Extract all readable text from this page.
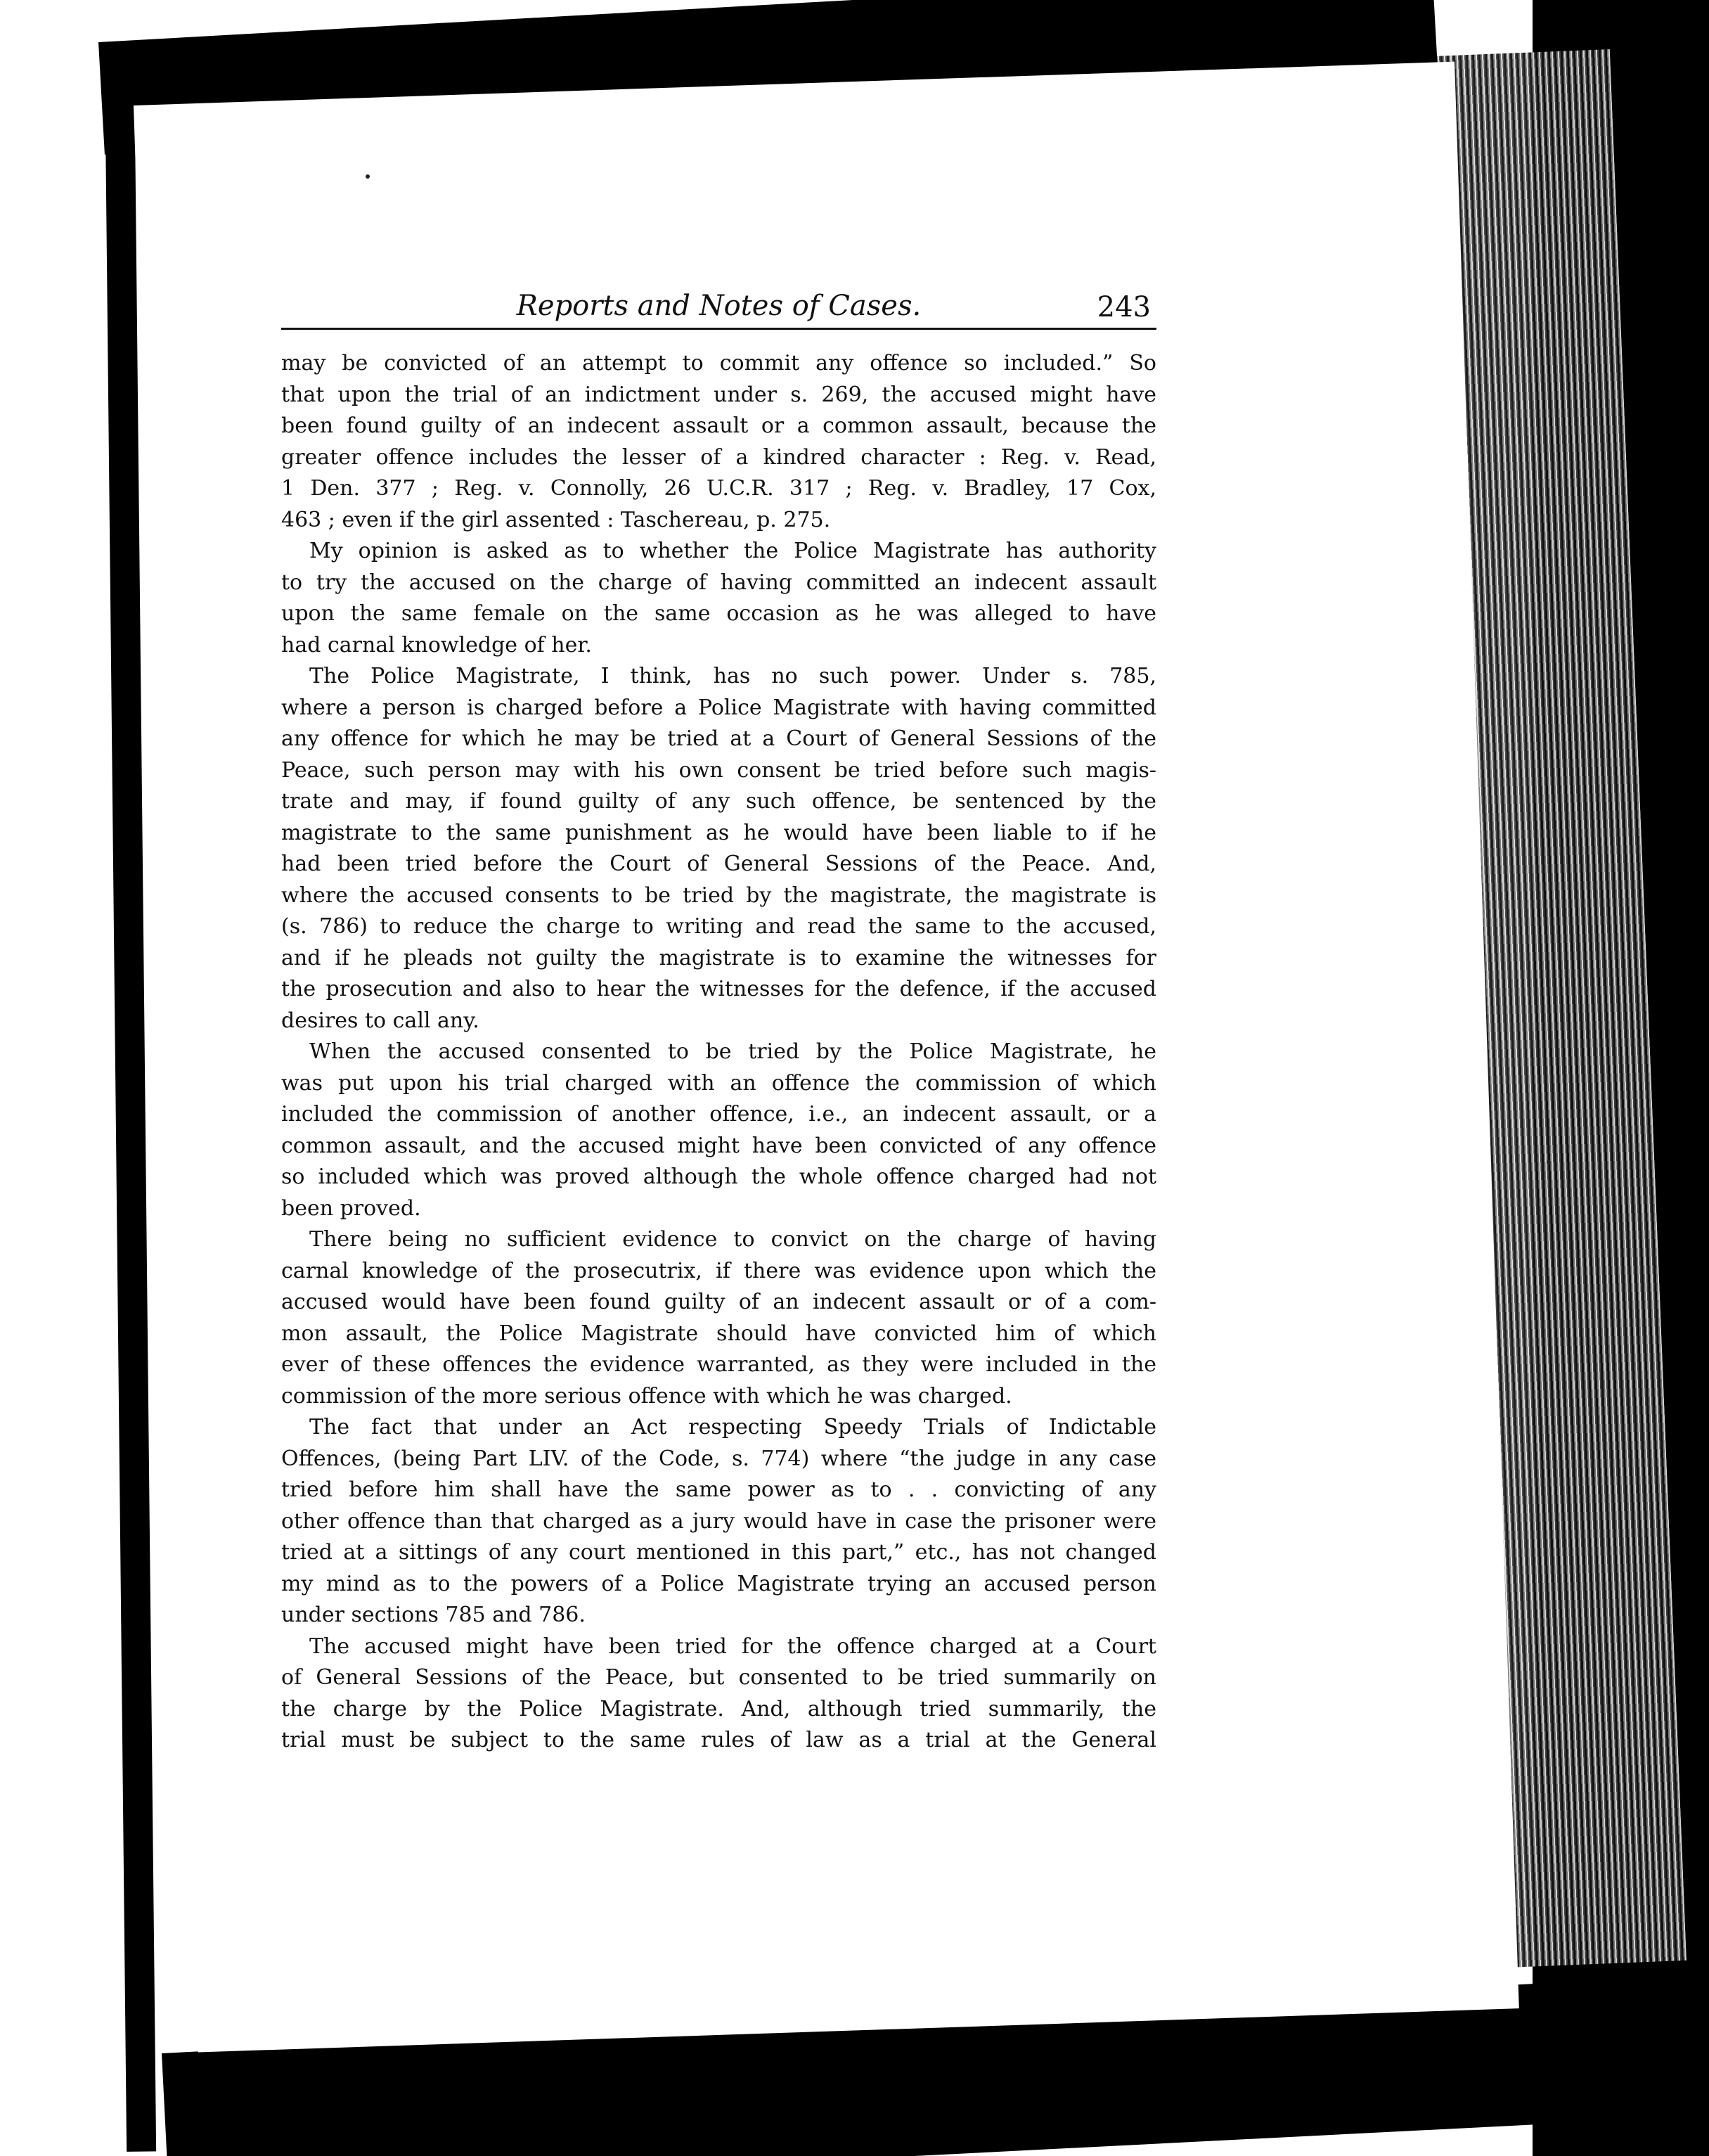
Reports and Notes of Cases.	243
may be convicted of an attempt to commit any offence so included.” So
that upon the trial of an indictment under s. 269, the accused might have
been found guilty of an indecent assault or a common assault, because the
greater offence includes the lesser of a kindred character : Reg. v. Read,
1 Den. 377 ; Reg. v. Connolly, 26 U.C.R. 317 ; Reg. v. Bradley, 17 Cox,
463 ; even if the girl assented : Taschereau, p. 275.
My opinion is asked as to whether the Police Magistrate has authority
to try the accused on the charge of having committed an indecent assault
upon the same female on the same occasion as he was alleged to have
had carnal knowledge of her.
The Police Magistrate, I think, has no such power. Under s. 785,
where a person is charged before a Police Magistrate with having committed
any offence for which he may be tried at a Court of General Sessions of the
Peace, such person may with his own consent be tried before such magis-
trate and may, if found guilty of any such offence, be sentenced by the
magistrate to the same punishment as he would have been liable to if he
had been tried before the Court of General Sessions of the Peace. And,
where the accused consents to be tried by the magistrate, the magistrate is
(s. 786) to reduce the charge to writing and read the same to the accused,
and if he pleads not guilty the magistrate is to examine the witnesses for
the prosecution and also to hear the witnesses for the defence, if the accused
desires to call any.
When the accused consented to be tried by the Police Magistrate, he
was put upon his trial charged with an offence the commission of which
included the commission of another offence, i.e., an indecent assault, or a
common assault, and the accused might have been convicted of any offence
so included which was proved although the whole offence charged had not
been proved.
There being no sufficient evidence to convict on the charge of having
carnal knowledge of the prosecutrix, if there was evidence upon which the
accused would have been found guilty of an indecent assault or of a com-
mon assault, the Police Magistrate should have convicted him of which
ever of these offences the evidence warranted, as they were included in the
commission of the more serious offence with which he was charged.
The fact that under an Act respecting Speedy Trials of Indictable
Offences, (being Part LIV. of the Code, s. 774) where “the judge in any case
tried before him shall have the same power as to . . convicting of any
other offence than that charged as a jury would have in case the prisoner were
tried at a sittings of any court mentioned in this part,” etc., has not changed
my mind as to the powers of a Police Magistrate trying an accused person
under sections 785 and 786.
The accused might have been tried for the offence charged at a Court
of General Sessions of the Peace, but consented to be tried summarily on
the charge by the Police Magistrate. And, although tried summarily, the
trial must be subject to the same rules of law as a trial at the General
